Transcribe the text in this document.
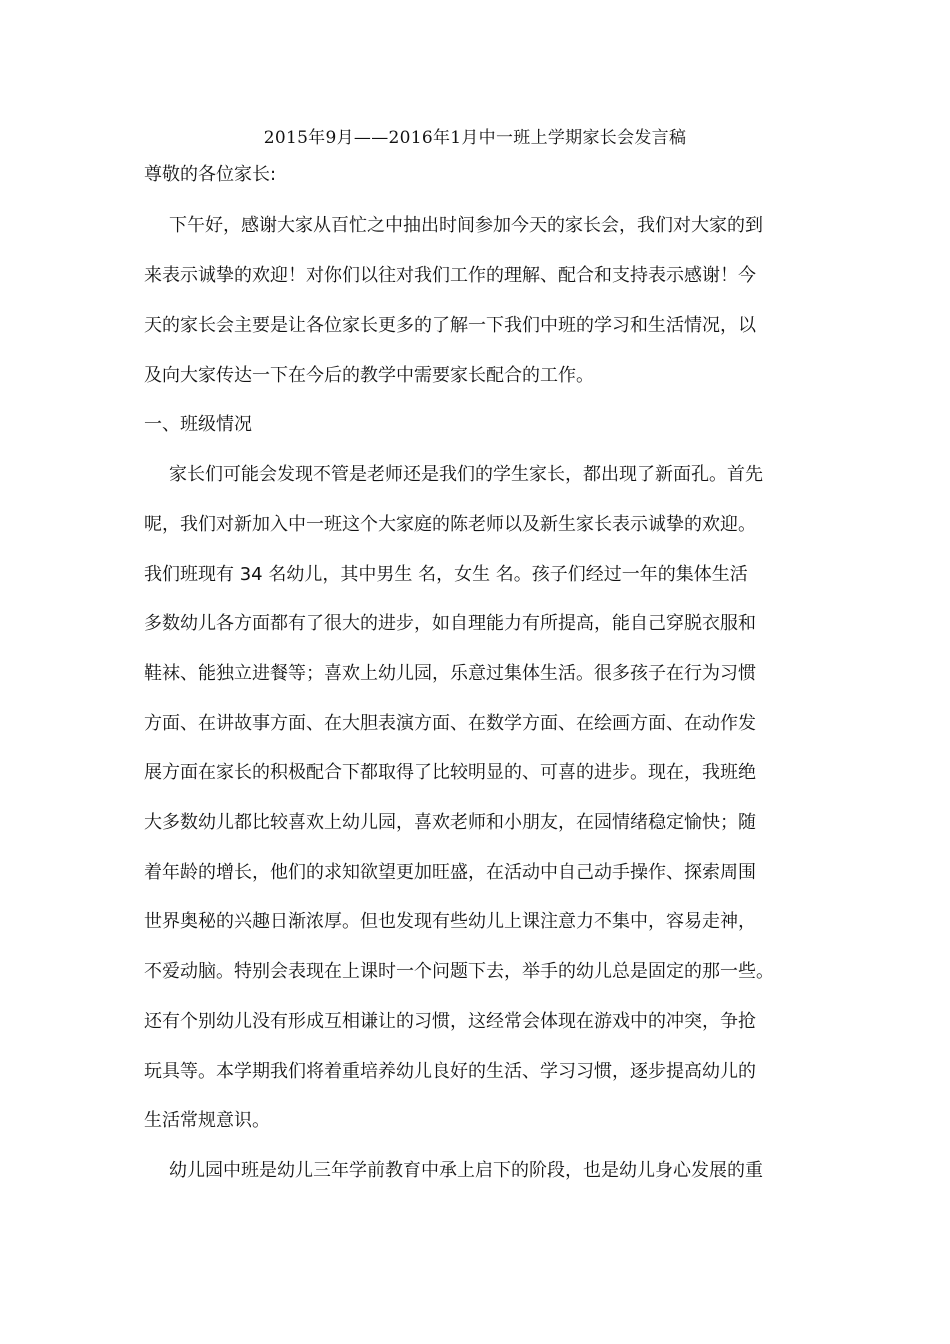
2015年9月——2016年1月中一班上学期家长会发言稿
尊敬的各位家长:
下午好，感谢大家从百忙之中抽出时间参加今天的家长会，我们对大家的到
来表示诚挚的欢迎！对你们以往对我们工作的理解、配合和支持表示感谢！今
天的家长会主要是让各位家长更多的了解一下我们中班的学习和生活情况，以
及向大家传达一下在今后的教学中需要家长配合的工作。
一、班级情况
家长们可能会发现不管是老师还是我们的学生家长，都出现了新面孔。首先
呢，我们对新加入中一班这个大家庭的陈老师以及新生家长表示诚挚的欢迎。
我们班现有 34 名幼儿，其中男生 名，女生 名。孩子们经过一年的集体生活
多数幼儿各方面都有了很大的进步，如自理能力有所提高，能自己穿脱衣服和
鞋袜、能独立进餐等；喜欢上幼儿园，乐意过集体生活。很多孩子在行为习惯
方面、在讲故事方面、在大胆表演方面、在数学方面、在绘画方面、在动作发
展方面在家长的积极配合下都取得了比较明显的、可喜的进步。现在，我班绝
大多数幼儿都比较喜欢上幼儿园，喜欢老师和小朋友，在园情绪稳定愉快；随
着年龄的增长，他们的求知欲望更加旺盛，在活动中自己动手操作、探索周围
世界奥秘的兴趣日渐浓厚。但也发现有些幼儿上课注意力不集中，容易走神，
不爱动脑。特别会表现在上课时一个问题下去，举手的幼儿总是固定的那一些。
还有个别幼儿没有形成互相谦让的习惯，这经常会体现在游戏中的冲突，争抢
玩具等。本学期我们将着重培养幼儿良好的生活、学习习惯，逐步提高幼儿的
生活常规意识。
幼儿园中班是幼儿三年学前教育中承上启下的阶段，也是幼儿身心发展的重
